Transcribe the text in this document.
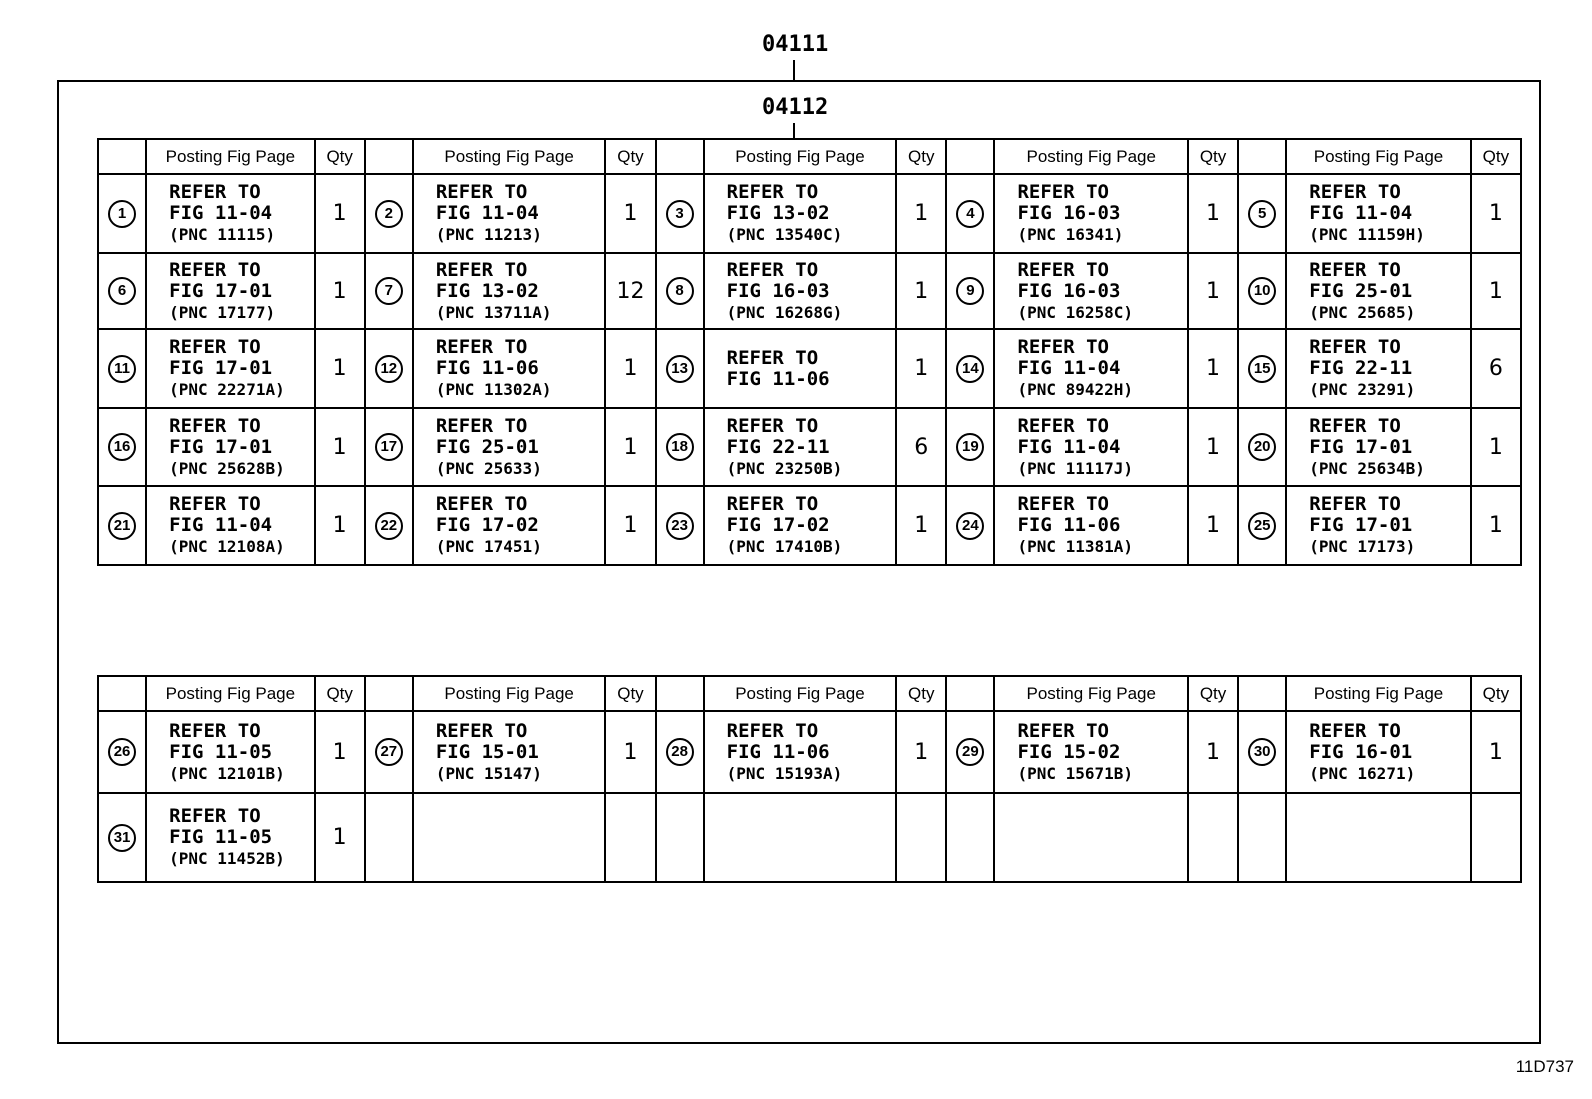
04111
04112
	Posting Fig Page	Qty		Posting Fig Page	Qty		Posting Fig Page	Qty		Posting Fig Page	Qty		Posting Fig Page	Qty
1	REFER TO
FIG 11-04
(PNC 11115)	1	2	REFER TO
FIG 11-04
(PNC 11213)	1	3	REFER TO
FIG 13-02
(PNC 13540C)	1	4	REFER TO
FIG 16-03
(PNC 16341)	1	5	REFER TO
FIG 11-04
(PNC 11159H)	1
6	REFER TO
FIG 17-01
(PNC 17177)	1	7	REFER TO
FIG 13-02
(PNC 13711A)	12	8	REFER TO
FIG 16-03
(PNC 16268G)	1	9	REFER TO
FIG 16-03
(PNC 16258C)	1	10	REFER TO
FIG 25-01
(PNC 25685)	1
11	REFER TO
FIG 17-01
(PNC 22271A)	1	12	REFER TO
FIG 11-06
(PNC 11302A)	1	13	REFER TO
FIG 11-06	1	14	REFER TO
FIG 11-04
(PNC 89422H)	1	15	REFER TO
FIG 22-11
(PNC 23291)	6
16	REFER TO
FIG 17-01
(PNC 25628B)	1	17	REFER TO
FIG 25-01
(PNC 25633)	1	18	REFER TO
FIG 22-11
(PNC 23250B)	6	19	REFER TO
FIG 11-04
(PNC 11117J)	1	20	REFER TO
FIG 17-01
(PNC 25634B)	1
21	REFER TO
FIG 11-04
(PNC 12108A)	1	22	REFER TO
FIG 17-02
(PNC 17451)	1	23	REFER TO
FIG 17-02
(PNC 17410B)	1	24	REFER TO
FIG 11-06
(PNC 11381A)	1	25	REFER TO
FIG 17-01
(PNC 17173)	1
	Posting Fig Page	Qty		Posting Fig Page	Qty		Posting Fig Page	Qty		Posting Fig Page	Qty		Posting Fig Page	Qty
26	REFER TO
FIG 11-05
(PNC 12101B)	1	27	REFER TO
FIG 15-01
(PNC 15147)	1	28	REFER TO
FIG 11-06
(PNC 15193A)	1	29	REFER TO
FIG 15-02
(PNC 15671B)	1	30	REFER TO
FIG 16-01
(PNC 16271)	1
31	REFER TO
FIG 11-05
(PNC 11452B)	1												
11D737
